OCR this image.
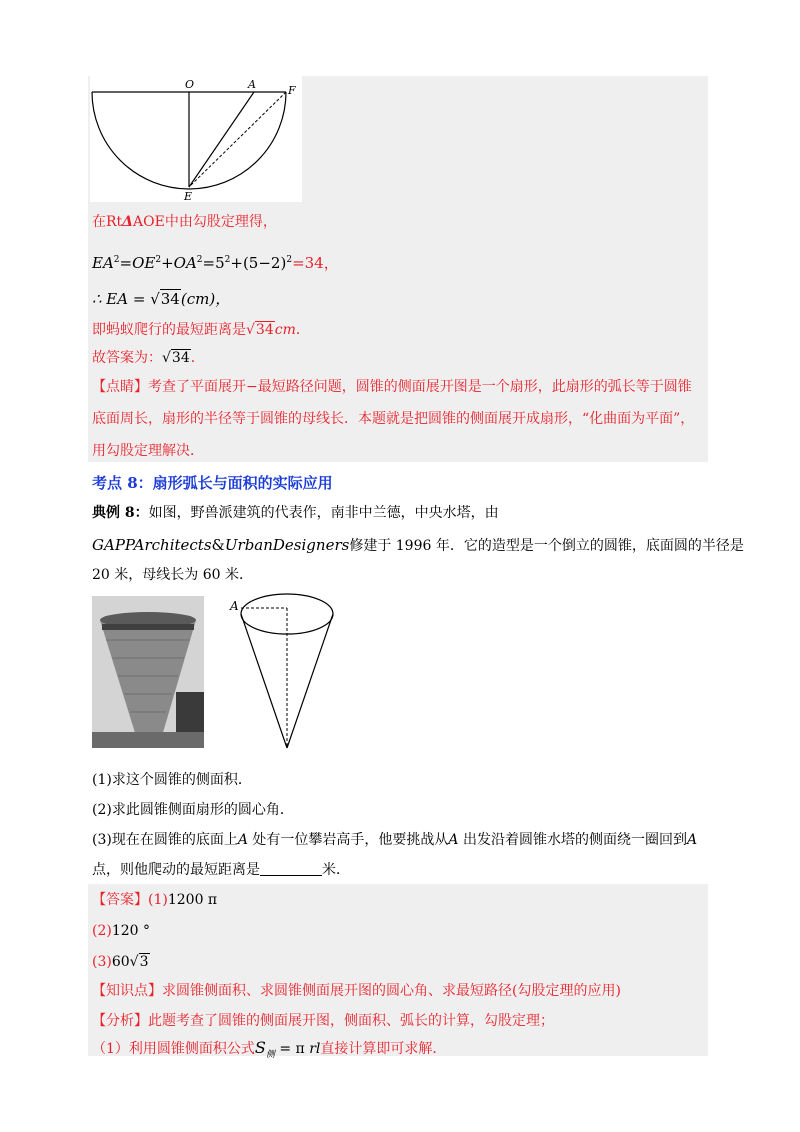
O	A	F
E
在RtΔAOE中由勾股定理得，
$EA^2=OE^2+OA^2=5^2+(5-2)^2=34$，
∴ EA = √34(cm)，
即蚂蚁爬行的最短距离是√34cm．
故答案为：√34．
【点睛】考查了平面展开−最短路径问题，圆锥的侧面展开图是一个扇形，此扇形的弧长等于圆锥
底面周长，扇形的半径等于圆锥的母线长．本题就是把圆锥的侧面展开成扇形，“化曲面为平面”，
用勾股定理解决．
考点 8：扇形弧长与面积的实际应用
典例 8：如图，野兽派建筑的代表作，南非中兰德，中央水塔，由
GAPPArchitects&UrbanDesigners修建于 1996 年．它的造型是一个倒立的圆锥，底面圆的半径是
20 米，母线长为 60 米．
A
(1)求这个圆锥的侧面积．
(2)求此圆锥侧面扇形的圆心角．
(3)现在在圆锥的底面上A 处有一位攀岩高手，他要挑战从A 出发沿着圆锥水塔的侧面绕一圈回到A
点，则他爬动的最短距离是	米．
【答案】(1)1200 π
(2)120 °
(3)60√3
【知识点】求圆锥侧面积、求圆锥侧面展开图的圆心角、求最短路径(勾股定理的应用)
【分析】此题考查了圆锥的侧面展开图，侧面积、弧长的计算，勾股定理；
（1）利用圆锥侧面积公式$S_侧 = \pi$ rl直接计算即可求解．
